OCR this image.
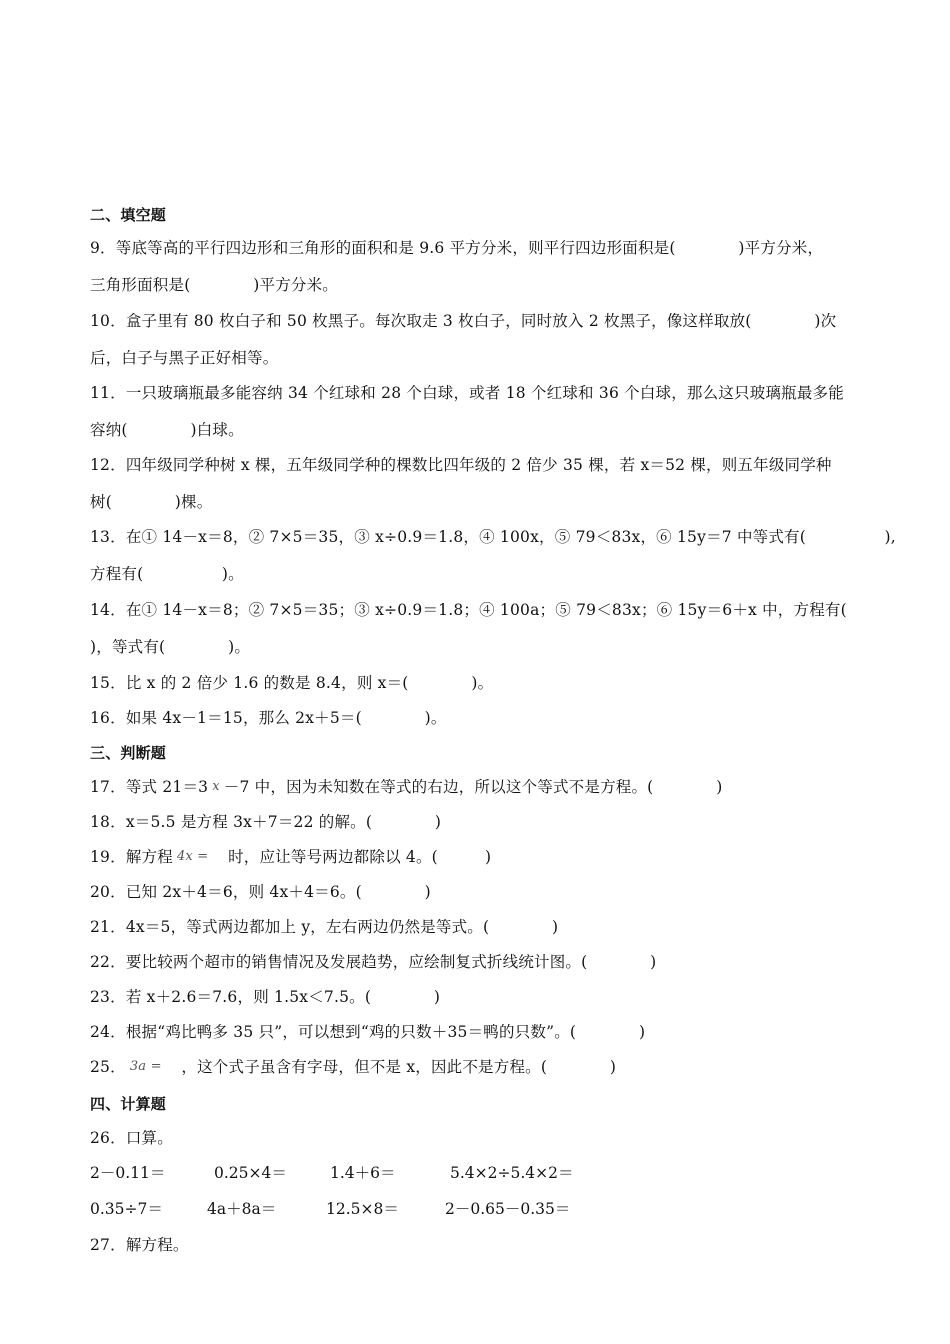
二、填空题
9．等底等高的平行四边形和三角形的面积和是 9.6 平方分米，则平行四边形面积是(　　　　)平方分米，
三角形面积是(　　　　)平方分米。
10．盒子里有 80 枚白子和 50 枚黑子。每次取走 3 枚白子，同时放入 2 枚黑子，像这样取放(　　　　)次
后，白子与黑子正好相等。
11．一只玻璃瓶最多能容纳 34 个红球和 28 个白球，或者 18 个红球和 36 个白球，那么这只玻璃瓶最多能
容纳(　　　　)白球。
12．四年级同学种树 x 棵，五年级同学种的棵数比四年级的 2 倍少 35 棵，若 x＝52 棵，则五年级同学种
树(　　　　)棵。
13．在① 14－x＝8，② 7×5＝35，③ x÷0.9＝1.8，④ 100x，⑤ 79＜83x，⑥ 15y＝7 中等式有(　　　　　),
方程有(　　　　　)。
14．在① 14－x＝8；② 7×5＝35；③ x÷0.9＝1.8；④ 100a；⑤ 79＜83x；⑥ 15y＝6＋x 中，方程有(
)，等式有(　　　　)。
15．比 x 的 2 倍少 1.6 的数是 8.4，则 x＝(　　　　)。
16．如果 4x－1＝15，那么 2x＋5＝(　　　　)。
三、判断题
17．等式 21＝3 x －7 中，因为未知数在等式的右边，所以这个等式不是方程。(　　　　)
18．x＝5.5 是方程 3x＋7＝22 的解。(　　　　)
19．解方程 4x =　时，应让等号两边都除以 4。(　　　)
20．已知 2x＋4＝6，则 4x＋4＝6。(　　　　)
21．4x＝5，等式两边都加上 y，左右两边仍然是等式。(　　　　)
22．要比较两个超市的销售情况及发展趋势，应绘制复式折线统计图。(　　　　)
23．若 x＋2.6＝7.6，则 1.5x＜7.5。(　　　　)
24．根据“鸡比鸭多 35 只”，可以想到“鸡的只数＋35＝鸭的只数”。(　　　　)
25． 3a =　，这个式子虽含有字母，但不是 x，因此不是方程。(　　　　)
四、计算题
26．口算。
2－0.11＝	0.25×4＝	1.4＋6＝	5.4×2÷5.4×2＝
0.35÷7＝	4a＋8a＝	12.5×8＝	2－0.65－0.35＝
27．解方程。
